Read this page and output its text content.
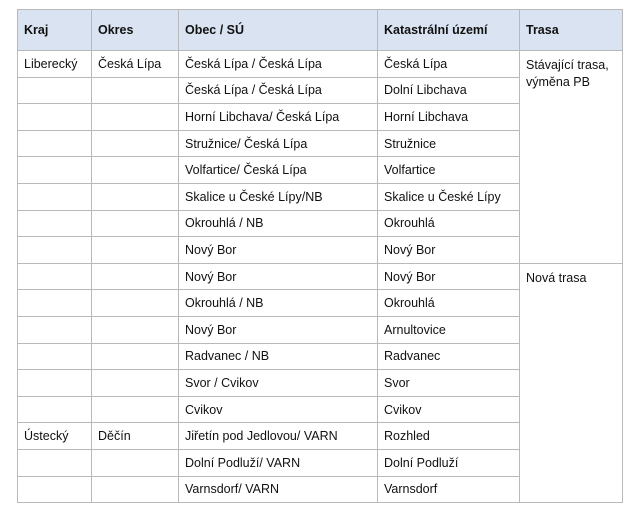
Kraj	Okres	Obec / SÚ	Katastrální území	Trasa
Liberecký	Česká Lípa	Česká Lípa / Česká Lípa	Česká Lípa	Stávající trasa, výměna PB
		Česká Lípa / Česká Lípa	Dolní Libchava	
		Horní Libchava/ Česká Lípa	Horní Libchava	
		Stružnice/ Česká Lípa	Stružnice	
		Volfartice/ Česká Lípa	Volfartice	
		Skalice u České Lípy/NB	Skalice u České Lípy	
		Okrouhlá / NB	Okrouhlá	
		Nový Bor	Nový Bor	
		Nový Bor	Nový Bor	Nová trasa
		Okrouhlá / NB	Okrouhlá	
		Nový Bor	Arnultovice	
		Radvanec / NB	Radvanec	
		Svor / Cvikov	Svor	
		Cvikov	Cvikov	
Ústecký	Děčín	Jiřetín pod Jedlovou/ VARN	Rozhled	
		Dolní Podluží/ VARN	Dolní Podluží	
		Varnsdorf/ VARN	Varnsdorf	
